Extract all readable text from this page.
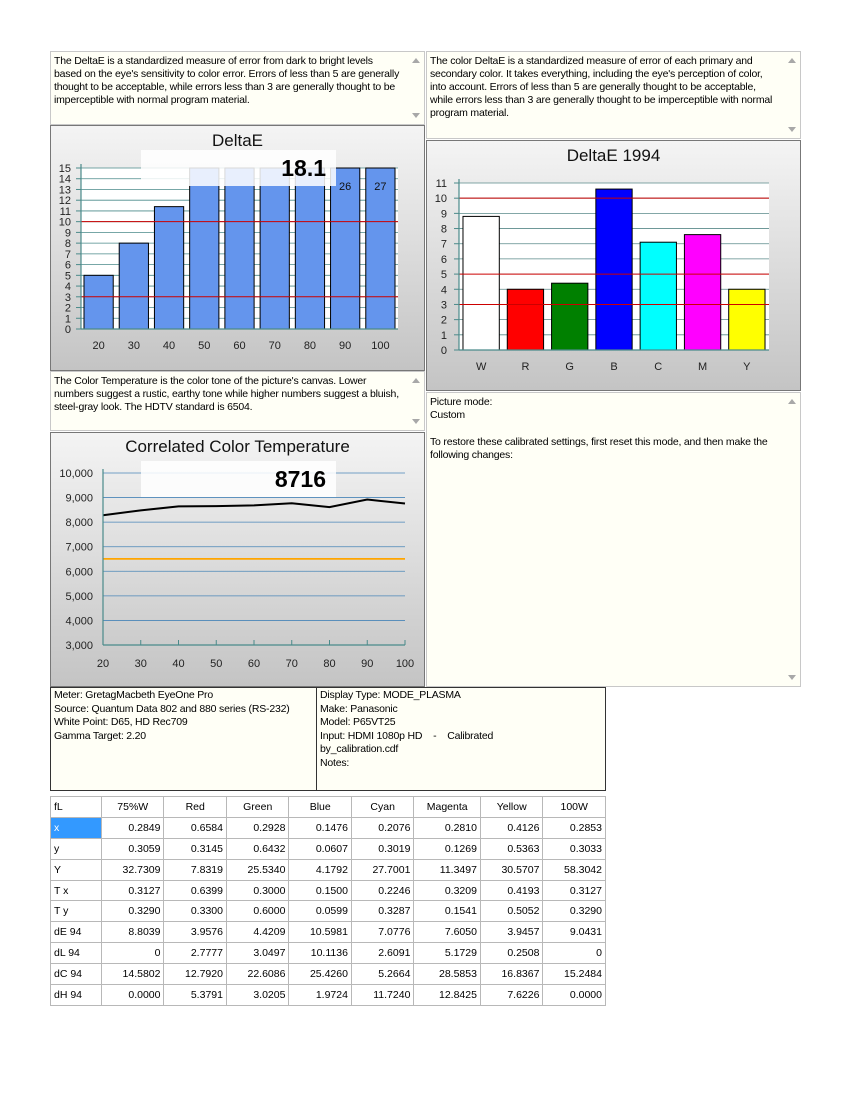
The DeltaE is a standardized measure of error from dark to bright levels based on the eye's sensitivity to color error. Errors of less than 5 are generally thought to be acceptable, while errors less than 3 are generally thought to be imperceptible with normal program material.
The color DeltaE is a standardized measure of error of each primary and secondary color. It takes everything, including the eye's perception of color, into account. Errors of less than 5 are generally thought to be acceptable, while errors less than 3 are generally thought to be imperceptible with normal program material.
DeltaE
0
1
2
3
4
5
6
7
8
9
10
11
12
13
14
15
20 30 40 50 60 70 80 90
26
100
27
18.1	DeltaE 1994
0
1
2
3
4
5
6
7
8
9
10
11
W	R	G	B	C	M	Y
The Color Temperature is the color tone of the picture's canvas. Lower numbers suggest a rustic, earthy tone while higher numbers suggest a bluish, steel-gray look. The HDTV standard is 6504.
Correlated Color Temperature
3,000
4,000
5,000
6,000
7,000
8,000
9,000
10,000
20 30 40 50 60 70 80 90 100
8716
Picture mode:
Custom
To restore these calibrated settings, first reset this mode, and then make the following changes:
Meter: GretagMacbeth EyeOne Pro
Source: Quantum Data 802 and 880 series (RS-232)
White Point: D65, HD Rec709
Gamma Target: 2.20
Display Type: MODE_PLASMA
Make: Panasonic
Model: P65VT25
Input: HDMI 1080p HD    -    Calibrated
by_calibration.cdf
Notes:
fL	75%W	Red	Green	Blue	Cyan	Magenta	Yellow	100W
x	0.2849	0.6584	0.2928	0.1476	0.2076	0.2810	0.4126	0.2853
y	0.3059	0.3145	0.6432	0.0607	0.3019	0.1269	0.5363	0.3033
Y	32.7309	7.8319	25.5340	4.1792	27.7001	11.3497	30.5707	58.3042
T x	0.3127	0.6399	0.3000	0.1500	0.2246	0.3209	0.4193	0.3127
T y	0.3290	0.3300	0.6000	0.0599	0.3287	0.1541	0.5052	0.3290
dE 94	8.8039	3.9576	4.4209	10.5981	7.0776	7.6050	3.9457	9.0431
dL 94	0	2.7777	3.0497	10.1136	2.6091	5.1729	0.2508	0
dC 94	14.5802	12.7920	22.6086	25.4260	5.2664	28.5853	16.8367	15.2484
dH 94	0.0000	5.3791	3.0205	1.9724	11.7240	12.8425	7.6226	0.0000
